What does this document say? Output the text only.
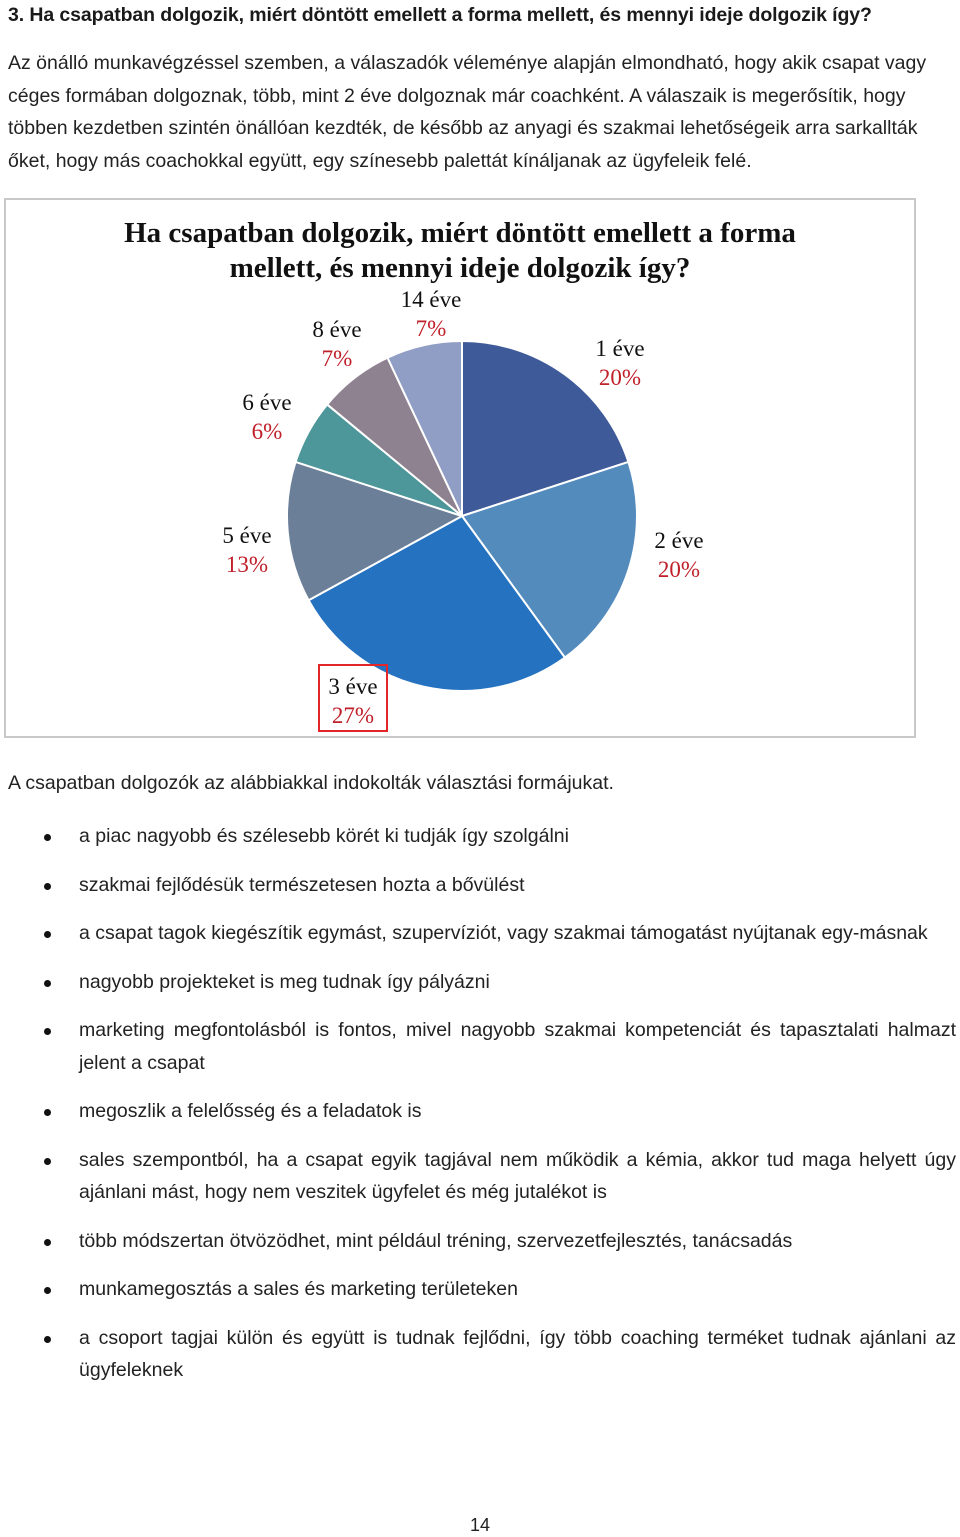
3. Ha csapatban dolgozik, miért döntött emellett a forma mellett, és mennyi ideje dolgozik így?

Az önálló munkavégzéssel szemben, a válaszadók véleménye alapján elmondható, hogy akik csapat vagy céges formában dolgoznak, több, mint 2 éve dolgoznak már coachként. A válaszaik is megerősítik, hogy többen kezdetben szintén önállóan kezdték, de később az anyagi és szakmai lehetőségeik arra sarkallták őket, hogy más coachokkal együtt, egy színesebb palettát kínáljanak az ügyfeleik felé.

Ha csapatban dolgozik, miért döntött emellett a forma
mellett, és mennyi ideje dolgozik így?
1 éve
20%
2 éve
20%
3 éve
27%
5 éve
13%
6 éve
6%
8 éve
7%
14 éve
7%

A csapatban dolgozók az alábbiakkal indokolták választási formájukat.

a piac nagyobb és szélesebb körét ki tudják így szolgálni
szakmai fejlődésük természetesen hozta a bővülést
a csapat tagok kiegészítik egymást, szupervíziót, vagy szakmai támogatást nyújtanak egy-másnak
nagyobb projekteket is meg tudnak így pályázni
marketing megfontolásból is fontos, mivel nagyobb szakmai kompetenciát és tapasztalati halmazt jelent a csapat
megoszlik a felelősség és a feladatok is
sales szempontból, ha a csapat egyik tagjával nem működik a kémia, akkor tud maga helyett úgy ajánlani mást, hogy nem veszitek ügyfelet és még jutalékot is
több módszertan ötvözödhet, mint például tréning, szervezetfejlesztés, tanácsadás
munkamegosztás a sales és marketing területeken
a csoport tagjai külön és együtt is tudnak fejlődni, így több coaching terméket tudnak ajánlani az ügyfeleknek
14
